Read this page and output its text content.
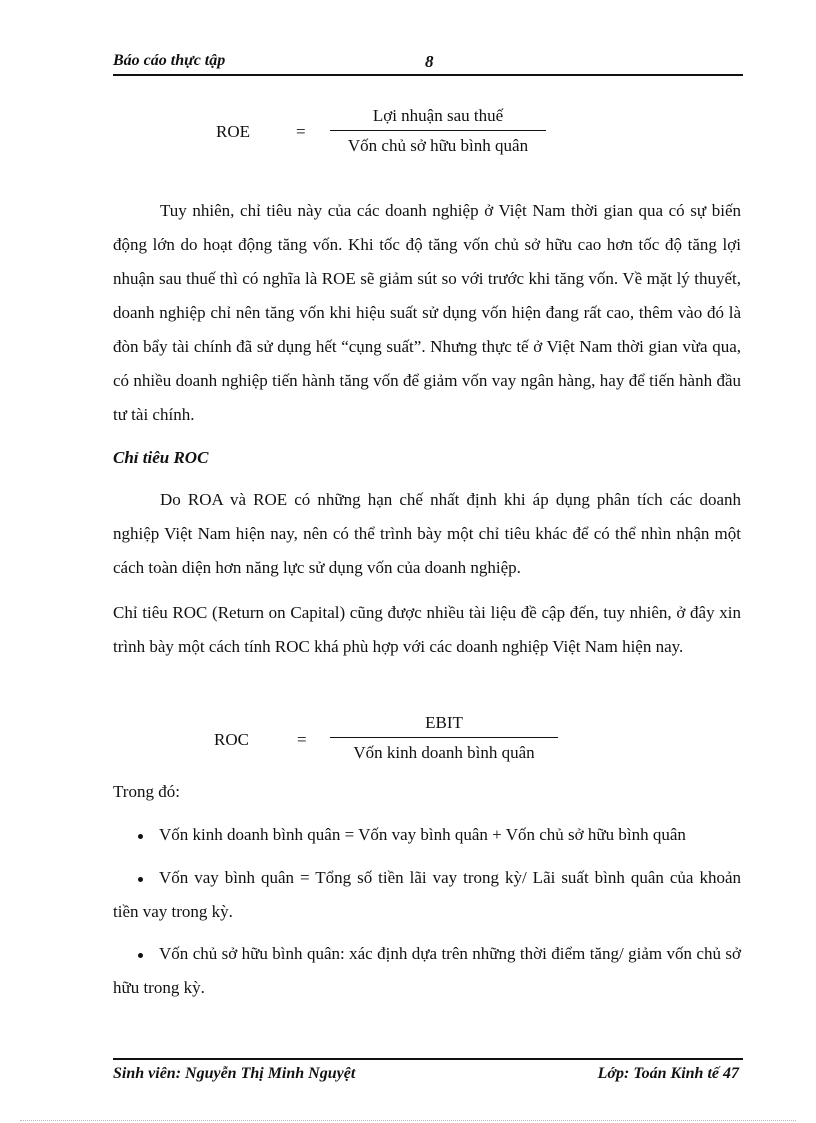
Báo cáo thực tập	8
ROE	=
Lợi nhuận sau thuế
Vốn chủ sở hữu bình quân
Tuy nhiên, chỉ tiêu này của các doanh nghiệp ở Việt Nam thời gian qua có sự biến động lớn do hoạt động tăng vốn. Khi tốc độ tăng vốn chủ sở hữu cao hơn tốc độ tăng lợi nhuận sau thuế thì có nghĩa là ROE sẽ giảm sút so với trước khi tăng vốn. Về mặt lý thuyết, doanh nghiệp chỉ nên tăng vốn khi hiệu suất sử dụng vốn hiện đang rất cao, thêm vào đó là đòn bẩy tài chính đã sử dụng hết “cụng suất”. Nhưng thực tế ở Việt Nam thời gian vừa qua, có nhiều doanh nghiệp tiến hành tăng vốn để giảm vốn vay ngân hàng, hay để tiến hành đầu tư tài chính.
Chỉ tiêu ROC
Do ROA và ROE có những hạn chế nhất định khi áp dụng phân tích các doanh nghiệp Việt Nam hiện nay, nên có thể trình bày một chỉ tiêu khác để có thể nhìn nhận một cách toàn diện hơn năng lực sử dụng vốn của doanh nghiệp.
Chỉ tiêu ROC (Return on Capital) cũng được nhiều tài liệu đề cập đến, tuy nhiên, ở đây xin trình bày một cách tính ROC khá phù hợp với các doanh nghiệp Việt Nam hiện nay.
ROC	=
EBIT
Vốn kinh doanh bình quân
Trong đó:
Vốn kinh doanh bình quân = Vốn vay bình quân + Vốn chủ sở hữu bình quân
Vốn vay bình quân = Tổng số tiền lãi vay trong kỳ/ Lãi suất bình quân của khoản tiền vay trong kỳ.
Vốn chủ sở hữu bình quân: xác định dựa trên những thời điểm tăng/ giảm vốn chủ sở hữu trong kỳ.
Sinh viên: Nguyễn Thị Minh Nguyệt	Lớp: Toán Kinh tế 47
